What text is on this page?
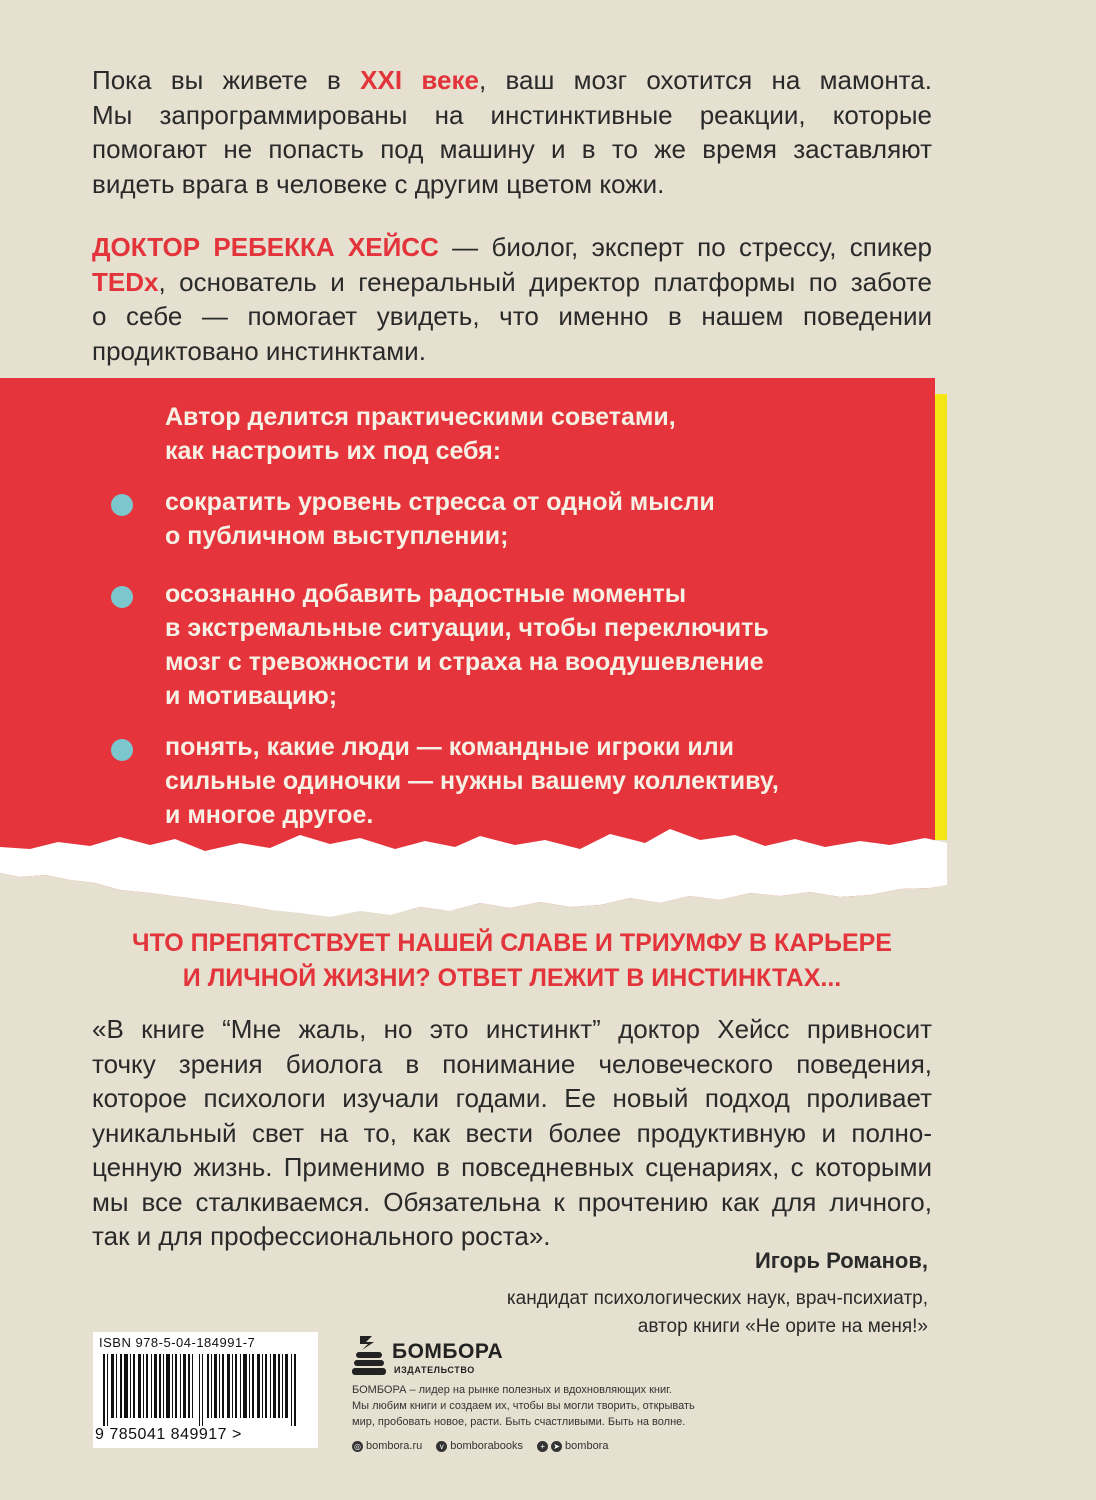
Пока вы живете в XXI веке, ваш мозг охотится на мамонта.

Мы запрограммированы на инстинктивные реакции, которые

помогают не попасть под машину и в то же время заставляют

видеть врага в человеке с другим цветом кожи.

ДОКТОР РЕБЕККА ХЕЙСС — биолог, эксперт по стрессу, спикер

TEDx, основатель и генеральный директор платформы по заботе

о себе — помогает увидеть, что именно в нашем поведении

продиктовано инстинктами.

Автор делится практическими советами,
как настроить их под себя:
сократить уровень стресса от одной мысли
о публичном выступлении;
осознанно добавить радостные моменты
в экстремальные ситуации, чтобы переключить
мозг с тревожности и страха на воодушевление
и мотивацию;
понять, какие люди — командные игроки или
сильные одиночки — нужны вашему коллективу,
и многое другое.
ЧТО ПРЕПЯТСТВУЕТ НАШЕЙ СЛАВЕ И ТРИУМФУ В КАРЬЕРЕ
И ЛИЧНОЙ ЖИЗНИ? ОТВЕТ ЛЕЖИТ В ИНСТИНКТАХ...

«В книге “Мне жаль, но это инстинкт” доктор Хейсс привносит

точку зрения биолога в понимание человеческого поведения,

которое психологи изучали годами. Ее новый подход проливает

уникальный свет на то, как вести более продуктивную и полно-

ценную жизнь. Применимо в повседневных сценариях, с которыми

мы все сталкиваемся. Обязательна к прочтению как для личного,

так и для профессионального роста».

Игорь Романов,
кандидат психологических наук, врач-психиатр,
автор книги «Не орите на меня!»
ISBN 978-5-04-184991-7
9 785041 849917 >
БОМБОРА
ИЗДАТЕЛЬСТВО
БОМБОРА – лидер на рынке полезных и вдохновляющих книг.
Мы любим книги и создаем их, чтобы вы могли творить, открывать
мир, пробовать новое, расти. Быть счастливыми. Быть на волне.
◎ bombora.ru	v bomborabooks	+	➤ bombora
